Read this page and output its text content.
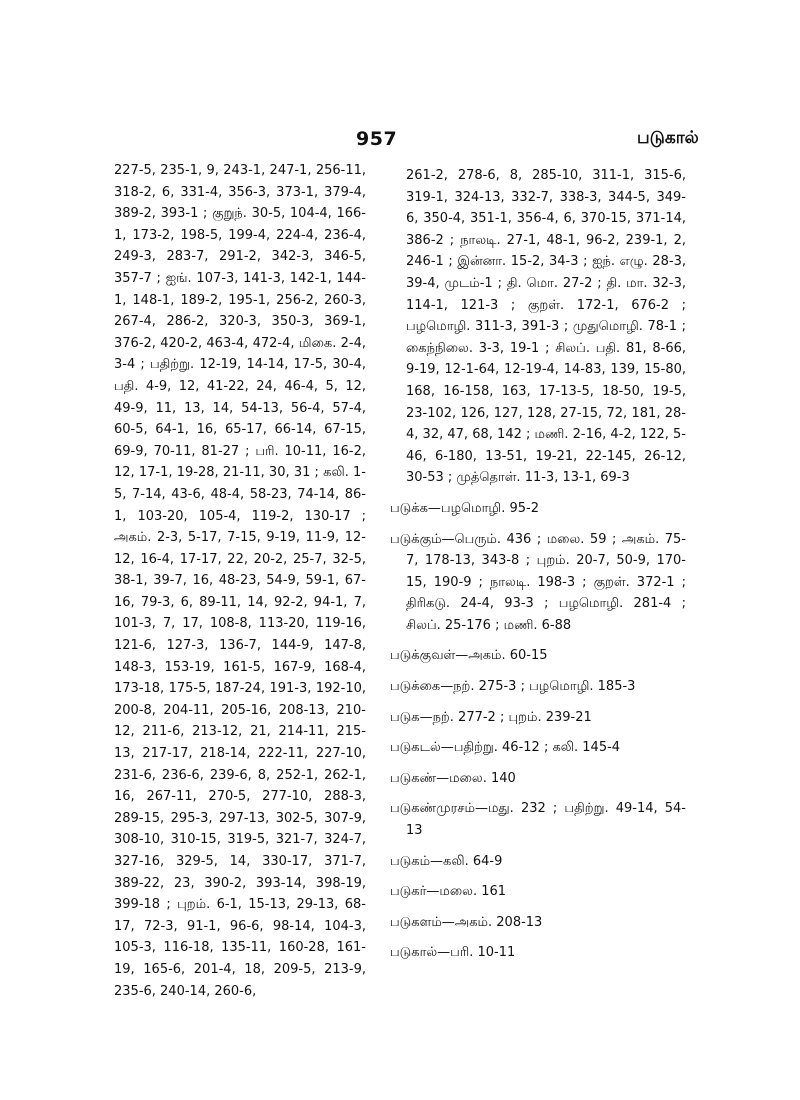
957	படுகால்
227-5, 235-1, 9, 243-1, 247-1, 256-11, 318-2, 6, 331-4, 356-3, 373-1, 379-4, 389-2, 393-1 ; குறுந். 30-5, 104-4, 166-1, 173-2, 198-5, 199-4, 224-4, 236-4, 249-3, 283-7, 291-2, 342-3, 346-5, 357-7 ; ஐங். 107-3, 141-3, 142-1, 144-1, 148-1, 189-2, 195-1, 256-2, 260-3, 267-4, 286-2, 320-3, 350-3, 369-1, 376-2, 420-2, 463-4, 472-4, மிகை. 2-4, 3-4 ; பதிற்று. 12-19, 14-14, 17-5, 30-4, பதி. 4-9, 12, 41-22, 24, 46-4, 5, 12, 49-9, 11, 13, 14, 54-13, 56-4, 57-4, 60-5, 64-1, 16, 65-17, 66-14, 67-15, 69-9, 70-11, 81-27 ; பரி. 10-11, 16-2, 12, 17-1, 19-28, 21-11, 30, 31 ; கலி. 1-5, 7-14, 43-6, 48-4, 58-23, 74-14, 86-1, 103-20, 105-4, 119-2, 130-17 ; அகம். 2-3, 5-17, 7-15, 9-19, 11-9, 12-12, 16-4, 17-17, 22, 20-2, 25-7, 32-5, 38-1, 39-7, 16, 48-23, 54-9, 59-1, 67-16, 79-3, 6, 89-11, 14, 92-2, 94-1, 7, 101-3, 7, 17, 108-8, 113-20, 119-16, 121-6, 127-3, 136-7, 144-9, 147-8, 148-3, 153-19, 161-5, 167-9, 168-4, 173-18, 175-5, 187-24, 191-3, 192-10, 200-8, 204-11, 205-16, 208-13, 210-12, 211-6, 213-12, 21, 214-11, 215-13, 217-17, 218-14, 222-11, 227-10, 231-6, 236-6, 239-6, 8, 252-1, 262-1, 16, 267-11, 270-5, 277-10, 288-3, 289-15, 295-3, 297-13, 302-5, 307-9, 308-10, 310-15, 319-5, 321-7, 324-7, 327-16, 329-5, 14, 330-17, 371-7, 389-22, 23, 390-2, 393-14, 398-19, 399-18 ; புறம். 6-1, 15-13, 29-13, 68-17, 72-3, 91-1, 96-6, 98-14, 104-3, 105-3, 116-18, 135-11, 160-28, 161-19, 165-6, 201-4, 18, 209-5, 213-9, 235-6, 240-14, 260-6,
261-2, 278-6, 8, 285-10, 311-1, 315-6, 319-1, 324-13, 332-7, 338-3, 344-5, 349-6, 350-4, 351-1, 356-4, 6, 370-15, 371-14, 386-2 ; நாலடி. 27-1, 48-1, 96-2, 239-1, 2, 246-1 ; இன்னா. 15-2, 34-3 ; ஐந். எழு. 28-3, 39-4, முடம்-1 ; தி. மொ. 27-2 ; தி. மா. 32-3, 114-1, 121-3 ; குறள். 172-1, 676-2 ; பழமொழி. 311-3, 391-3 ; முதுமொழி. 78-1 ; கைந்நிலை. 3-3, 19-1 ; சிலப். பதி. 81, 8-66, 9-19, 12-1-64, 12-19-4, 14-83, 139, 15-80, 168, 16-158, 163, 17-13-5, 18-50, 19-5, 23-102, 126, 127, 128, 27-15, 72, 181, 28-4, 32, 47, 68, 142 ; மணி. 2-16, 4-2, 122, 5-46, 6-180, 13-51, 19-21, 22-145, 26-12, 30-53 ; முத்தொள். 11-3, 13-1, 69-3
படுக்க—பழமொழி. 95-2
படுக்கும்—பெரும். 436 ; மலை. 59 ; அகம். 75-7, 178-13, 343-8 ; புறம். 20-7, 50-9, 170-15, 190-9 ; நாலடி. 198-3 ; குறள். 372-1 ; திரிகடு. 24-4, 93-3 ; பழமொழி. 281-4 ; சிலப். 25-176 ; மணி. 6-88
படுக்குவள்—அகம். 60-15
படுக்கை—நற். 275-3 ; பழமொழி. 185-3
படுக—நற். 277-2 ; புறம். 239-21
படுகடல்—பதிற்று. 46-12 ; கலி. 145-4
படுகண்—மலை. 140
படுகண்முரசம்—மது. 232 ; பதிற்று. 49-14, 54-13
படுகம்—கலி. 64-9
படுகர்—மலை. 161
படுகளம்—அகம். 208-13
படுகால்—பரி. 10-11
